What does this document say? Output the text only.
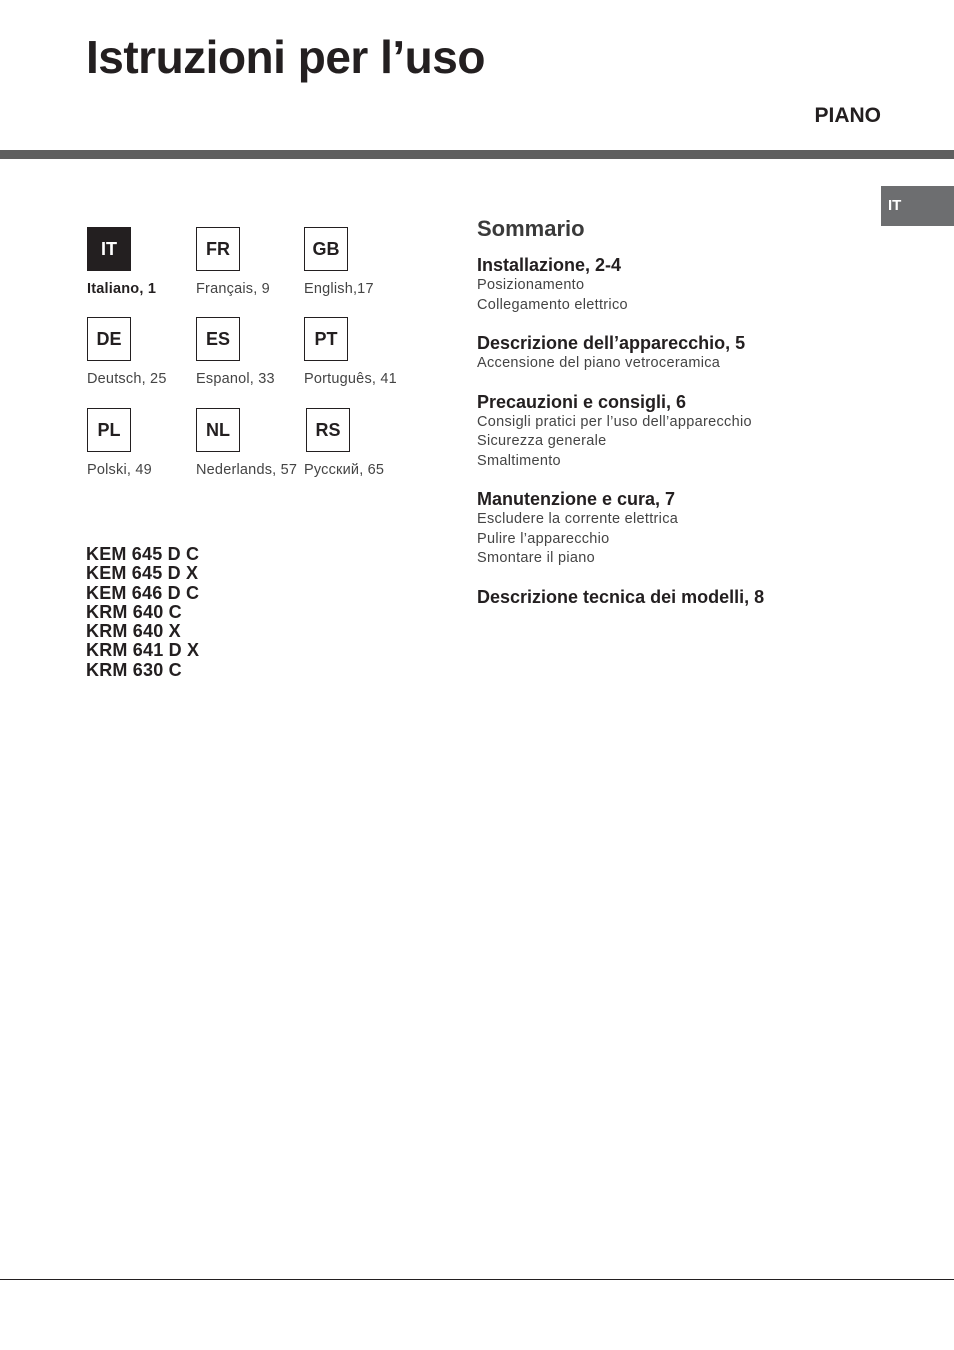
Istruzioni per l’uso
PIANO
IT
IT
Italiano, 1
FR
Français, 9
GB
English,17
DE
Deutsch, 25
ES
Espanol, 33
PT
Português, 41
PL
Polski, 49
NL
Nederlands, 57
RS
Русский, 65
KEM 645 D C
KEM 645 D X
KEM 646 D C
KRM 640 C
KRM 640 X
KRM 641 D X
KRM 630 C
Sommario
Installazione, 2-4
Posizionamento
Collegamento elettrico
Descrizione dell’apparecchio, 5
Accensione del piano vetroceramica
Precauzioni e consigli, 6
Consigli pratici per l’uso dell’apparecchio
Sicurezza generale
Smaltimento
Manutenzione e cura, 7
Escludere la corrente elettrica
Pulire l’apparecchio
Smontare il piano
Descrizione tecnica dei modelli, 8
